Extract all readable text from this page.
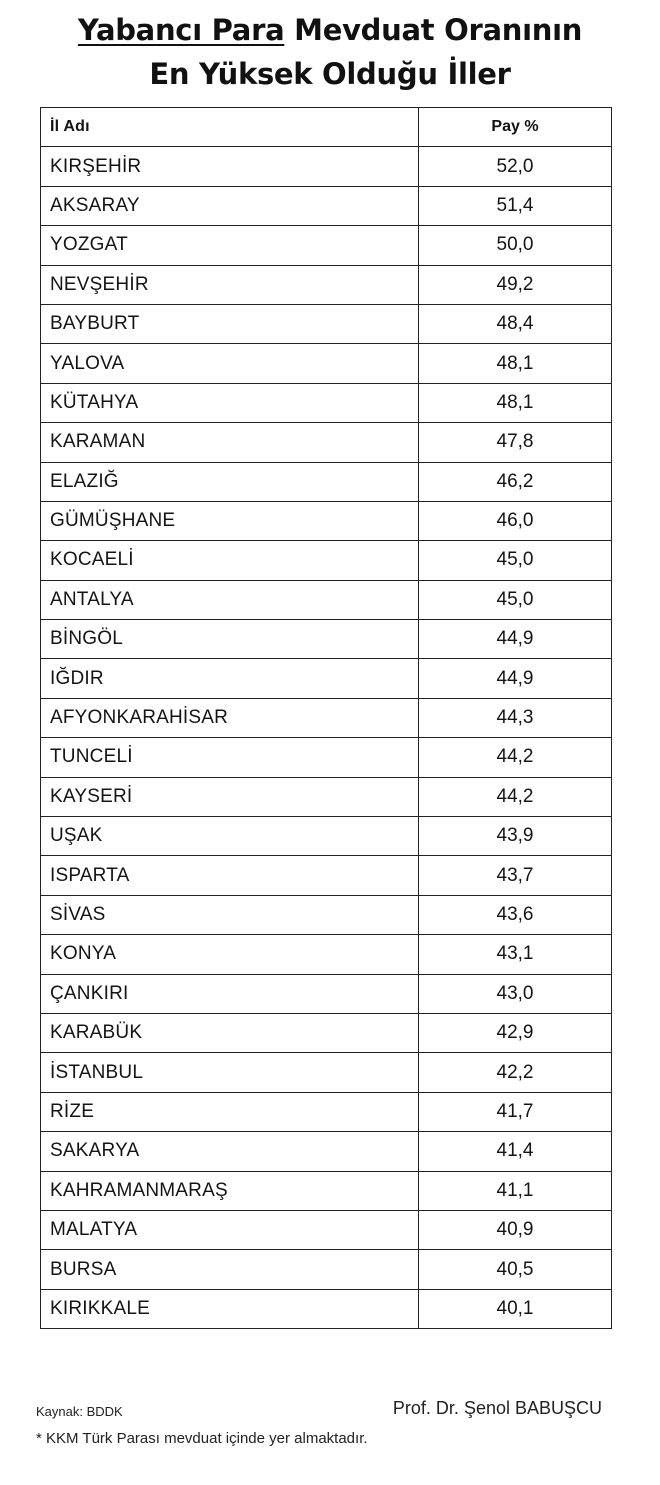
Yabancı Para Mevduat Oranının
En Yüksek Olduğu İller
İl Adı	Pay %
KIRŞEHİR	52,0
AKSARAY	51,4
YOZGAT	50,0
NEVŞEHİR	49,2
BAYBURT	48,4
YALOVA	48,1
KÜTAHYA	48,1
KARAMAN	47,8
ELAZIĞ	46,2
GÜMÜŞHANE	46,0
KOCAELİ	45,0
ANTALYA	45,0
BİNGÖL	44,9
IĞDIR	44,9
AFYONKARAHİSAR	44,3
TUNCELİ	44,2
KAYSERİ	44,2
UŞAK	43,9
ISPARTA	43,7
SİVAS	43,6
KONYA	43,1
ÇANKIRI	43,0
KARABÜK	42,9
İSTANBUL	42,2
RİZE	41,7
SAKARYA	41,4
KAHRAMANMARAŞ	41,1
MALATYA	40,9
BURSA	40,5
KIRIKKALE	40,1
Kaynak: BDDK	Prof. Dr. Şenol BABUŞCU
* KKM Türk Parası mevduat içinde yer almaktadır.
